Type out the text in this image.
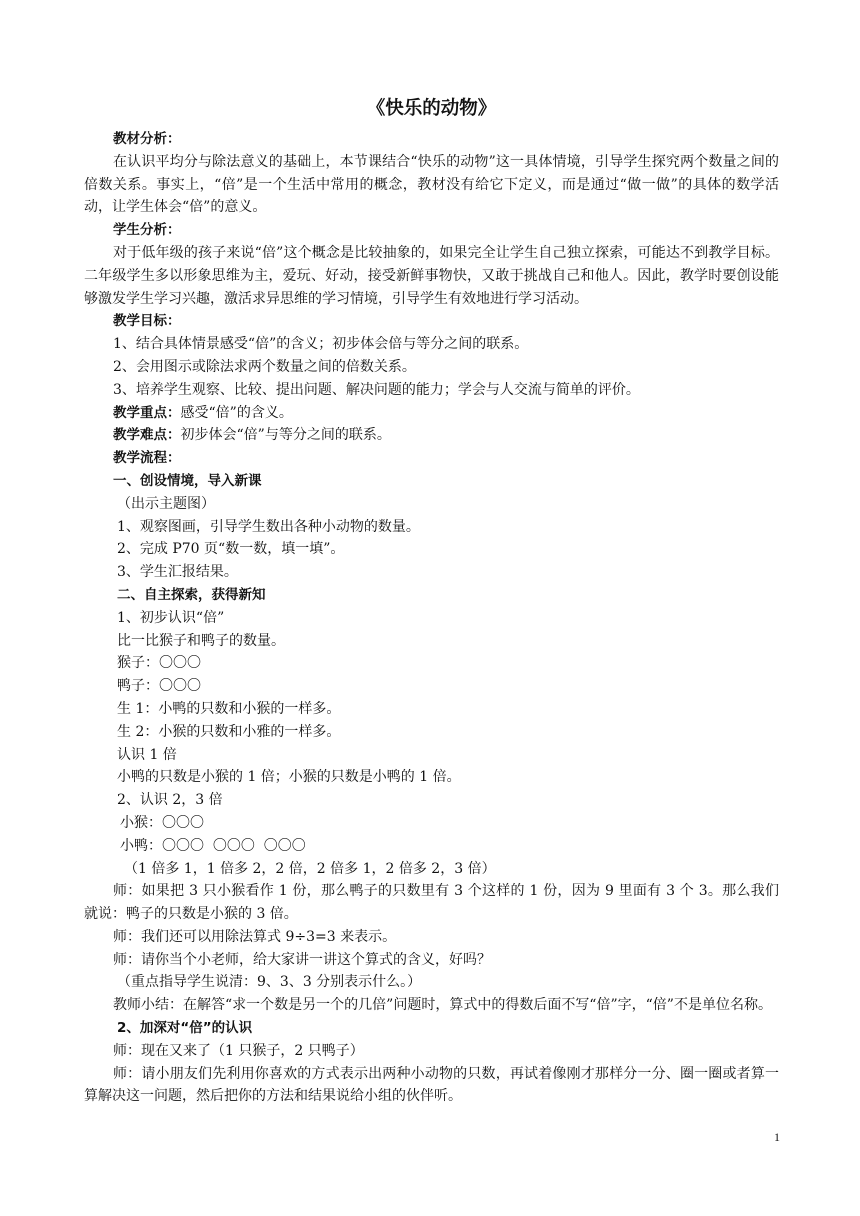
《快乐的动物》

教材分析：

在认识平均分与除法意义的基础上，本节课结合“快乐的动物”这一具体情境，引导学生探究两个数量之间的倍数关系。事实上，“倍”是一个生活中常用的概念，教材没有给它下定义，而是通过“做一做”的具体的数学活动，让学生体会“倍”的意义。

学生分析：

对于低年级的孩子来说“倍”这个概念是比较抽象的，如果完全让学生自己独立探索，可能达不到教学目标。二年级学生多以形象思维为主，爱玩、好动，接受新鲜事物快，又敢于挑战自己和他人。因此，教学时要创设能够激发学生学习兴趣，激活求异思维的学习情境，引导学生有效地进行学习活动。

教学目标：

1、结合具体情景感受“倍”的含义；初步体会倍与等分之间的联系。

2、会用图示或除法求两个数量之间的倍数关系。

3、培养学生观察、比较、提出问题、解决问题的能力；学会与人交流与简单的评价。

教学重点：感受“倍”的含义。

教学难点：初步体会“倍”与等分之间的联系。

教学流程：

一、创设情境，导入新课

（出示主题图）

1、观察图画，引导学生数出各种小动物的数量。

2、完成 P70 页“数一数，填一填”。

3、学生汇报结果。

二、自主探索，获得新知

1、初步认识“倍”

比一比猴子和鸭子的数量。

猴子：〇〇〇

鸭子：〇〇〇

生 1：小鸭的只数和小猴的一样多。

生 2：小猴的只数和小雅的一样多。

认识 1 倍

小鸭的只数是小猴的 1 倍；小猴的只数是小鸭的 1 倍。

2、认识 2，3 倍

小猴：〇〇〇

小鸭：〇〇〇  〇〇〇  〇〇〇

（1 倍多 1，1 倍多 2，2 倍，2 倍多 1，2 倍多 2，3 倍）

师：如果把 3 只小猴看作 1 份，那么鸭子的只数里有 3 个这样的 1 份，因为 9 里面有 3 个 3。那么我们就说：鸭子的只数是小猴的 3 倍。

师：我们还可以用除法算式 9÷3=3 来表示。

师：请你当个小老师，给大家讲一讲这个算式的含义，好吗？

（重点指导学生说清：9、3、3 分别表示什么。）

教师小结：在解答“求一个数是另一个的几倍”问题时，算式中的得数后面不写“倍”字，“倍”不是单位名称。

2、加深对“倍”的认识

师：现在又来了（1 只猴子，2 只鸭子）

师：请小朋友们先利用你喜欢的方式表示出两种小动物的只数，再试着像刚才那样分一分、圈一圈或者算一算解决这一问题，然后把你的方法和结果说给小组的伙伴听。

1
